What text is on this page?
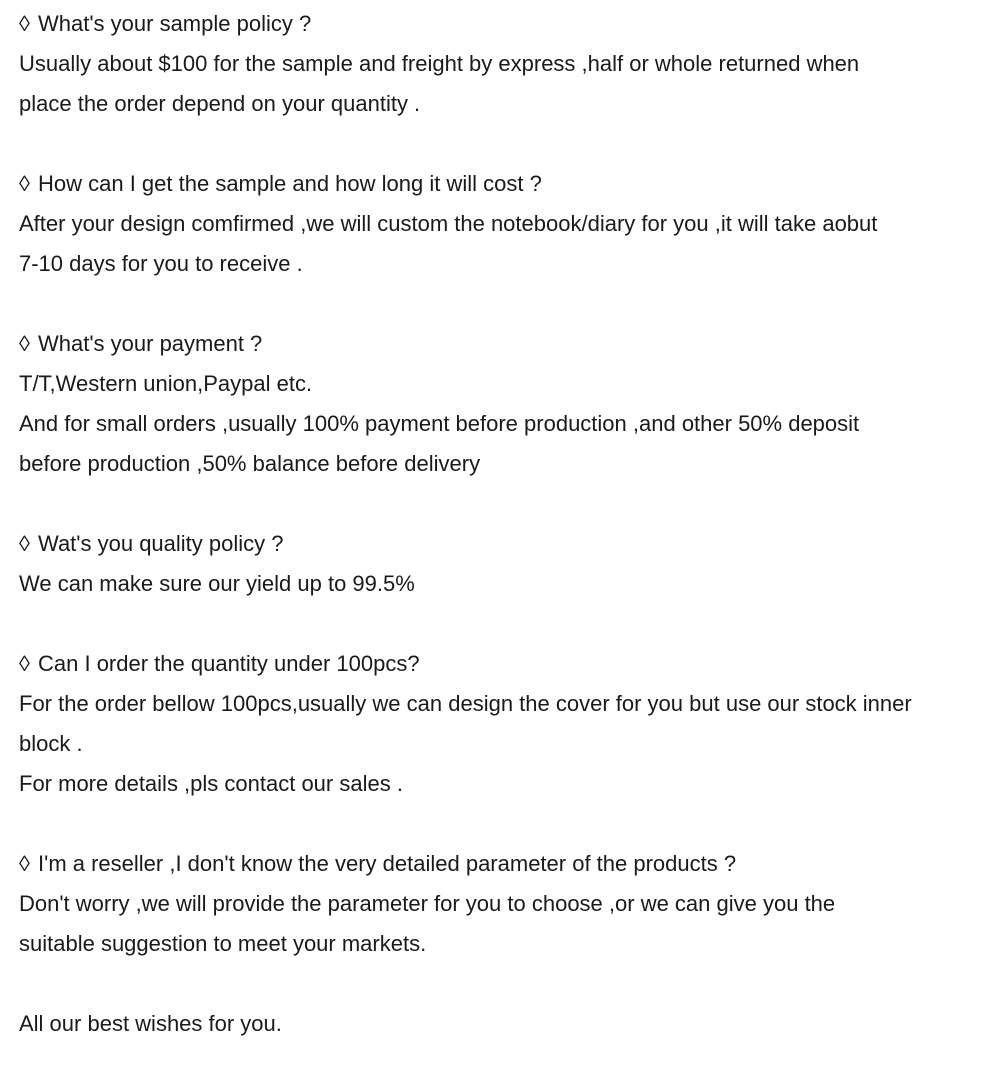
◊ What's your sample policy ?
Usually about $100 for the sample and freight by express ,half or whole returned when
place the order depend on your quantity .
◊ How can I get the sample and how long it will cost ?
After your design comfirmed ,we will custom the notebook/diary for you ,it will take aobut
7-10 days for you to receive .
◊ What's your payment ?
T/T,Western union,Paypal etc.
And for small orders ,usually 100% payment before production ,and other 50% deposit
before production ,50% balance before delivery
◊ Wat's you quality policy ?
We can make sure our yield up to 99.5%
◊ Can I order the quantity under 100pcs?
For the order bellow 100pcs,usually we can design the cover for you but use our stock inner
block .
For more details ,pls contact our sales .
◊ I'm a reseller ,I don't know the very detailed parameter of the products ?
Don't worry ,we will provide the parameter for you to choose ,or we can give you the
suitable suggestion to meet your markets.
All our best wishes for you.
